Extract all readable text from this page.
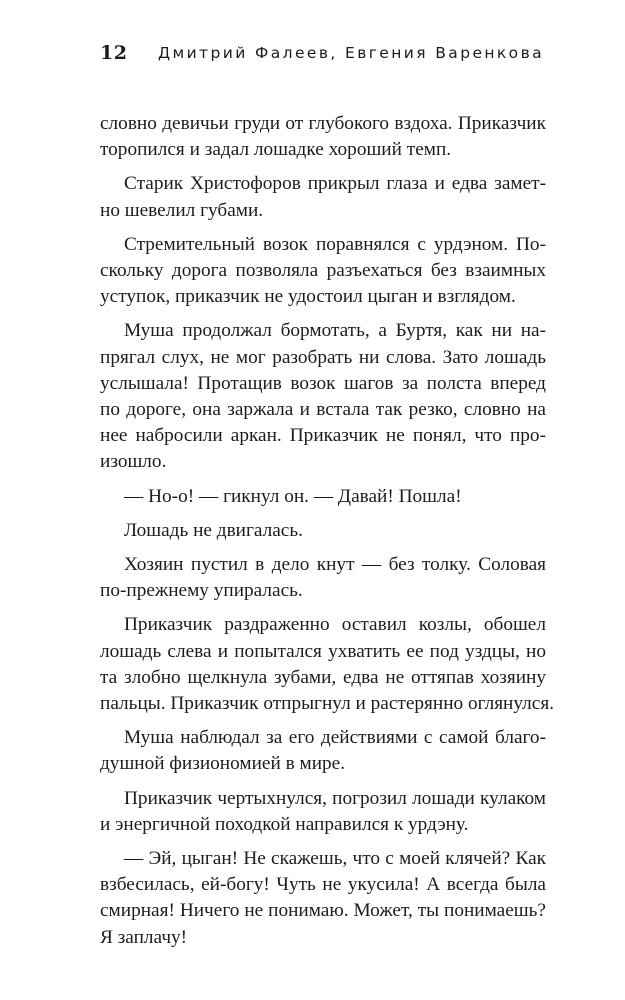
12 Дмитрий Фалеев, Евгения Варенкова
словно девичьи груди от глубокого вздоха. Приказчик
торопился и задал лошадке хороший темп.
Старик Христофоров прикрыл глаза и едва замет-
но шевелил губами.
Стремительный возок поравнялся с урдэном. По-
скольку дорога позволяла разъехаться без взаимных
уступок, приказчик не удостоил цыган и взглядом.
Муша продолжал бормотать, а Буртя, как ни на-
прягал слух, не мог разобрать ни слова. Зато лошадь
услышала! Протащив возок шагов за полста вперед
по дороге, она заржала и встала так резко, словно на
нее набросили аркан. Приказчик не понял, что про-
изошло.
— Но-о! — гикнул он. — Давай! Пошла!
Лошадь не двигалась.
Хозяин пустил в дело кнут — без толку. Соловая
по-прежнему упиралась.
Приказчик раздраженно оставил козлы, обошел
лошадь слева и попытался ухватить ее под уздцы, но
та злобно щелкнула зубами, едва не оттяпав хозяину
пальцы. Приказчик отпрыгнул и растерянно оглянулся.
Муша наблюдал за его действиями с самой благо-
душной физиономией в мире.
Приказчик чертыхнулся, погрозил лошади кулаком
и энергичной походкой направился к урдэну.
— Эй, цыган! Не скажешь, что с моей клячей? Как
взбесилась, ей-богу! Чуть не укусила! А всегда была
смирная! Ничего не понимаю. Может, ты понимаешь?
Я заплачу!
